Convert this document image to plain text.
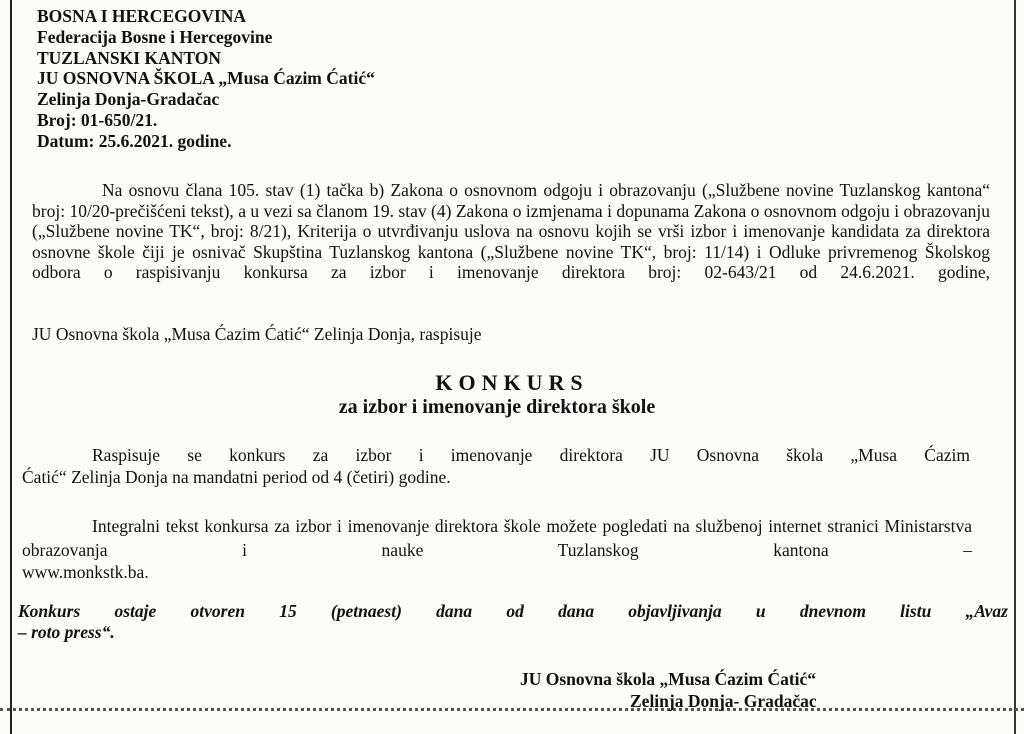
BOSNA I HERCEGOVINA
Federacija Bosne i Hercegovine
TUZLANSKI KANTON
JU OSNOVNA ŠKOLA „Musa Ćazim Ćatić“
Zelinja Donja-Gradačac
Broj: 01-650/21.
Datum: 25.6.2021. godine.
Na osnovu člana 105. stav (1) tačka b) Zakona o osnovnom odgoju i obrazovanju („Službene novine Tuzlanskog kantona“ broj: 10/20-prečišćeni tekst), a u vezi sa članom 19. stav (4) Zakona o izmjenama i dopunama Zakona o osnovnom odgoju i obrazovanju („Službene novine TK“, broj: 8/21), Kriterija o utvrđivanju uslova na osnovu kojih se vrši izbor i imenovanje kandidata za direktora osnovne škole čiji je osnivač Skupština Tuzlanskog kantona („Službene novine TK“, broj: 11/14) i Odluke privremenog Školskog odbora o raspisivanju konkursa za izbor i imenovanje direktora broj: 02-643/21 od 24.6.2021. godine,
JU Osnovna škola „Musa Ćazim Ćatić“ Zelinja Donja, raspisuje
KONKURS
za izbor i imenovanje direktora škole
Raspisuje se konkurs za izbor i imenovanje direktora JU Osnovna škola „Musa Ćazim
Ćatić“ Zelinja Donja na mandatni period od 4 (četiri) godine.
Integralni tekst konkursa za izbor i imenovanje direktora škole možete pogledati na službenoj internet stranici Ministarstva obrazovanja i nauke Tuzlanskog kantona –
www.monkstk.ba.
Konkurs ostaje otvoren 15 (petnaest) dana od dana objavljivanja u dnevnom listu „Avaz
– roto press“.
JU Osnovna škola „Musa Ćazim Ćatić“
Zelinja Donja- Gradačac
